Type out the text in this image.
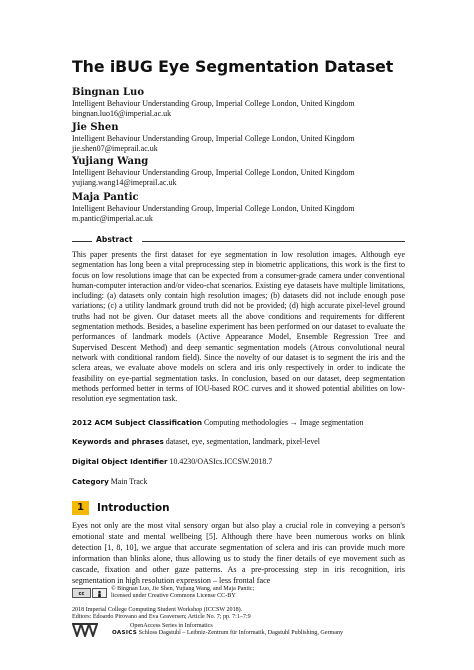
The iBUG Eye Segmentation Dataset
Bingnan Luo
Intelligent Behaviour Understanding Group, Imperial College London, United Kingdom
bingnan.luo16@imperial.ac.uk
Jie Shen
Intelligent Behaviour Understanding Group, Imperial College London, United Kingdom
jie.shen07@imeprail.ac.uk
Yujiang Wang
Intelligent Behaviour Understanding Group, Imperial College London, United Kingdom
yujiang.wang14@imeprail.ac.uk
Maja Pantic
Intelligent Behaviour Understanding Group, Imperial College London, United Kingdom
m.pantic@imperial.ac.uk
Abstract

This paper presents the first dataset for eye segmentation in low resolution images. Although eye segmentation has long been a vital preprocessing step in biometric applications, this work is the first to focus on low resolutions image that can be expected from a consumer-grade camera under conventional human-computer interaction and/or video-chat scenarios. Existing eye datasets have multiple limitations, including: (a) datasets only contain high resolution images; (b) datasets did not include enough pose variations; (c) a utility landmark ground truth did not be provided; (d) high accurate pixel-level ground truths had not be given. Our dataset meets all the above conditions and requirements for different segmentation methods. Besides, a baseline experiment has been performed on our dataset to evaluate the performances of landmark models (Active Appearance Model, Ensemble Regression Tree and Supervised Descent Method) and deep semantic segmentation models (Atrous convolutional neural network with conditional random field). Since the novelty of our dataset is to segment the iris and the sclera areas, we evaluate above models on sclera and iris only respectively in order to indicate the feasibility on eye-partial segmentation tasks. In conclusion, based on our dataset, deep segmentation methods performed better in terms of IOU-based ROC curves and it showed potential abilities on low-resolution eye segmentation task.

2012 ACM Subject Classification Computing methodologies → Image segmentation
Keywords and phrases dataset, eye, segmentation, landmark, pixel-level
Digital Object Identifier 10.4230/OASIcs.ICCSW.2018.7
Category Main Track
1	Introduction

Eyes not only are the most vital sensory organ but also play a crucial role in conveying a person's emotional state and mental wellbeing [5]. Although there have been numerous works on blink detection [1, 8, 10], we argue that accurate segmentation of sclera and iris can provide much more information than blinks alone, thus allowing us to study the finer details of eye movement such as cascade, fixation and other gaze patterns. As a pre-processing step in iris recognition, iris segmentation in high resolution expression – less frontal face

cc
© Bingnan Luo, Jie Shen, Yujiang Wang, and Maja Pantic;
licensed under Creative Commons License CC-BY
2018 Imperial College Computing Student Workshop (ICCSW 2018).
Editors: Edoardo Pirovano and Eva Graversen; Article No. 7; pp. 7:1–7:9
OpenAccess Series in Informatics
OASICS Schloss Dagstuhl – Leibniz-Zentrum für Informatik, Dagstuhl Publishing, Germany
